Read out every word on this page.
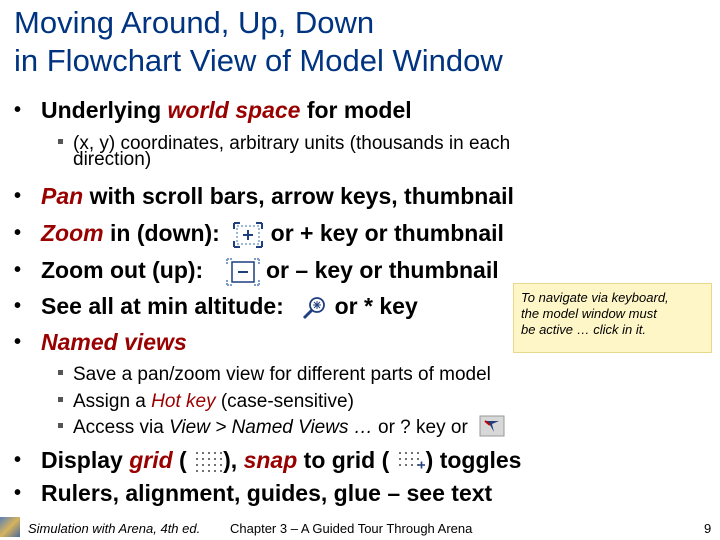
Moving Around, Up, Down
in Flowchart View of Model Window
• Underlying world space for model
(x, y) coordinates, arbitrary units (thousands in each
direction)
• Pan with scroll bars, arrow keys, thumbnail
• Zoom in (down):  or + key or thumbnail
• Zoom out (up):  or – key or thumbnail
• See all at min altitude:  or * key
• Named views
Save a pan/zoom view for different parts of model
Assign a Hot key (case-sensitive)
Access via View > Named Views … or ? key or
• Display grid ( ), snap to grid ( ) toggles
• Rulers, alignment, guides, glue – see text
To navigate via keyboard,
the model window must
be active … click in it.
Simulation with Arena, 4th ed. Chapter 3 – A Guided Tour Through Arena	9
